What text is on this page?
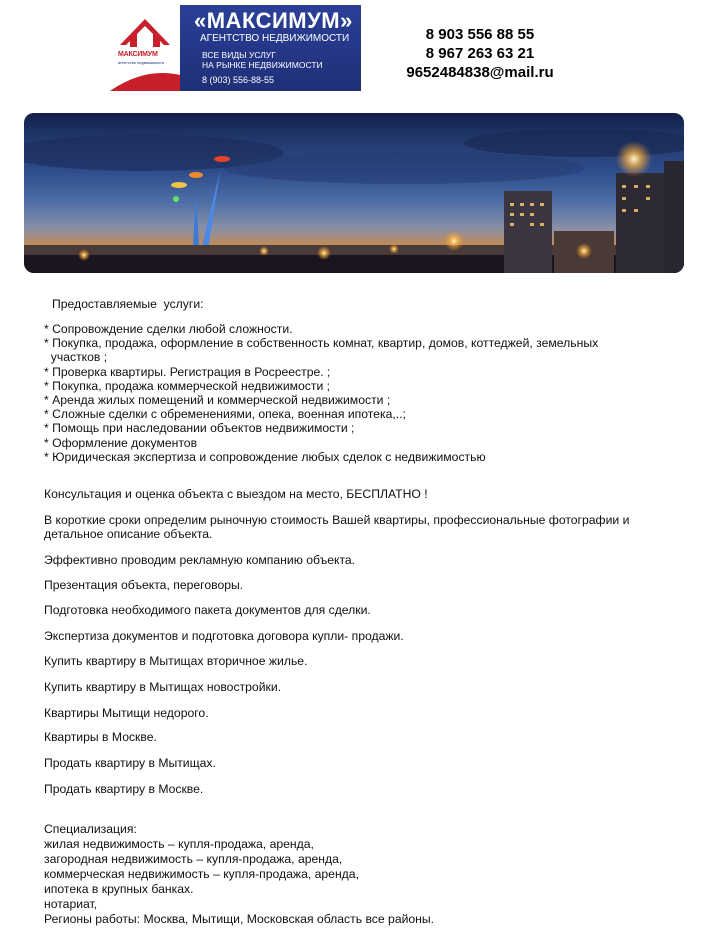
МАКСИМУМ
агентство недвижимости
«МАКСИМУМ»
АГЕНТСТВО НЕДВИЖИМОСТИ
ВСЕ ВИДЫ УСЛУГ
НА РЫНКЕ НЕДВИЖИМОСТИ
8 (903) 556-88-55
8 903 556 88 55
8 967 263 63 21
9652484838@mail.ru
Предоставляемые  услуги:
* Сопровождение сделки любой сложности.
* Покупка, продажа, оформление в собственность комнат, квартир, домов, коттеджей, земельных
участков ;
* Проверка квартиры. Регистрация в Росреестре. ;
* Покупка, продажа коммерческой недвижимости ;
* Аренда жилых помещений и коммерческой недвижимости ;
* Сложные сделки с обременениями, опека, военная ипотека,..;
* Помощь при наследовании объектов недвижимости ;
* Оформление документов
* Юридическая экспертиза и сопровождение любых сделок с недвижимостью
Консультация и оценка объекта с выездом на место, БЕСПЛАТНО !
В короткие сроки определим рыночную стоимость Вашей квартиры, профессиональные фотографии и
детальное описание объекта.
Эффективно проводим рекламную компанию объекта.
Презентация объекта, переговоры.
Подготовка необходимого пакета документов для сделки.
Экспертиза документов и подготовка договора купли- продажи.
Купить квартиру в Мытищах вторичное жилье.
Купить квартиру в Мытищах новостройки.
Квартиры Мытищи недорого.
Квартиры в Москве.
Продать квартиру в Мытищах.
Продать квартиру в Москве.
Специализация:
жилая недвижимость – купля-продажа, аренда,
загородная недвижимость – купля-продажа, аренда,
коммерческая недвижимость – купля-продажа, аренда,
ипотека в крупных банках.
нотариат,
Регионы работы: Москва, Мытищи, Московская область все районы.
